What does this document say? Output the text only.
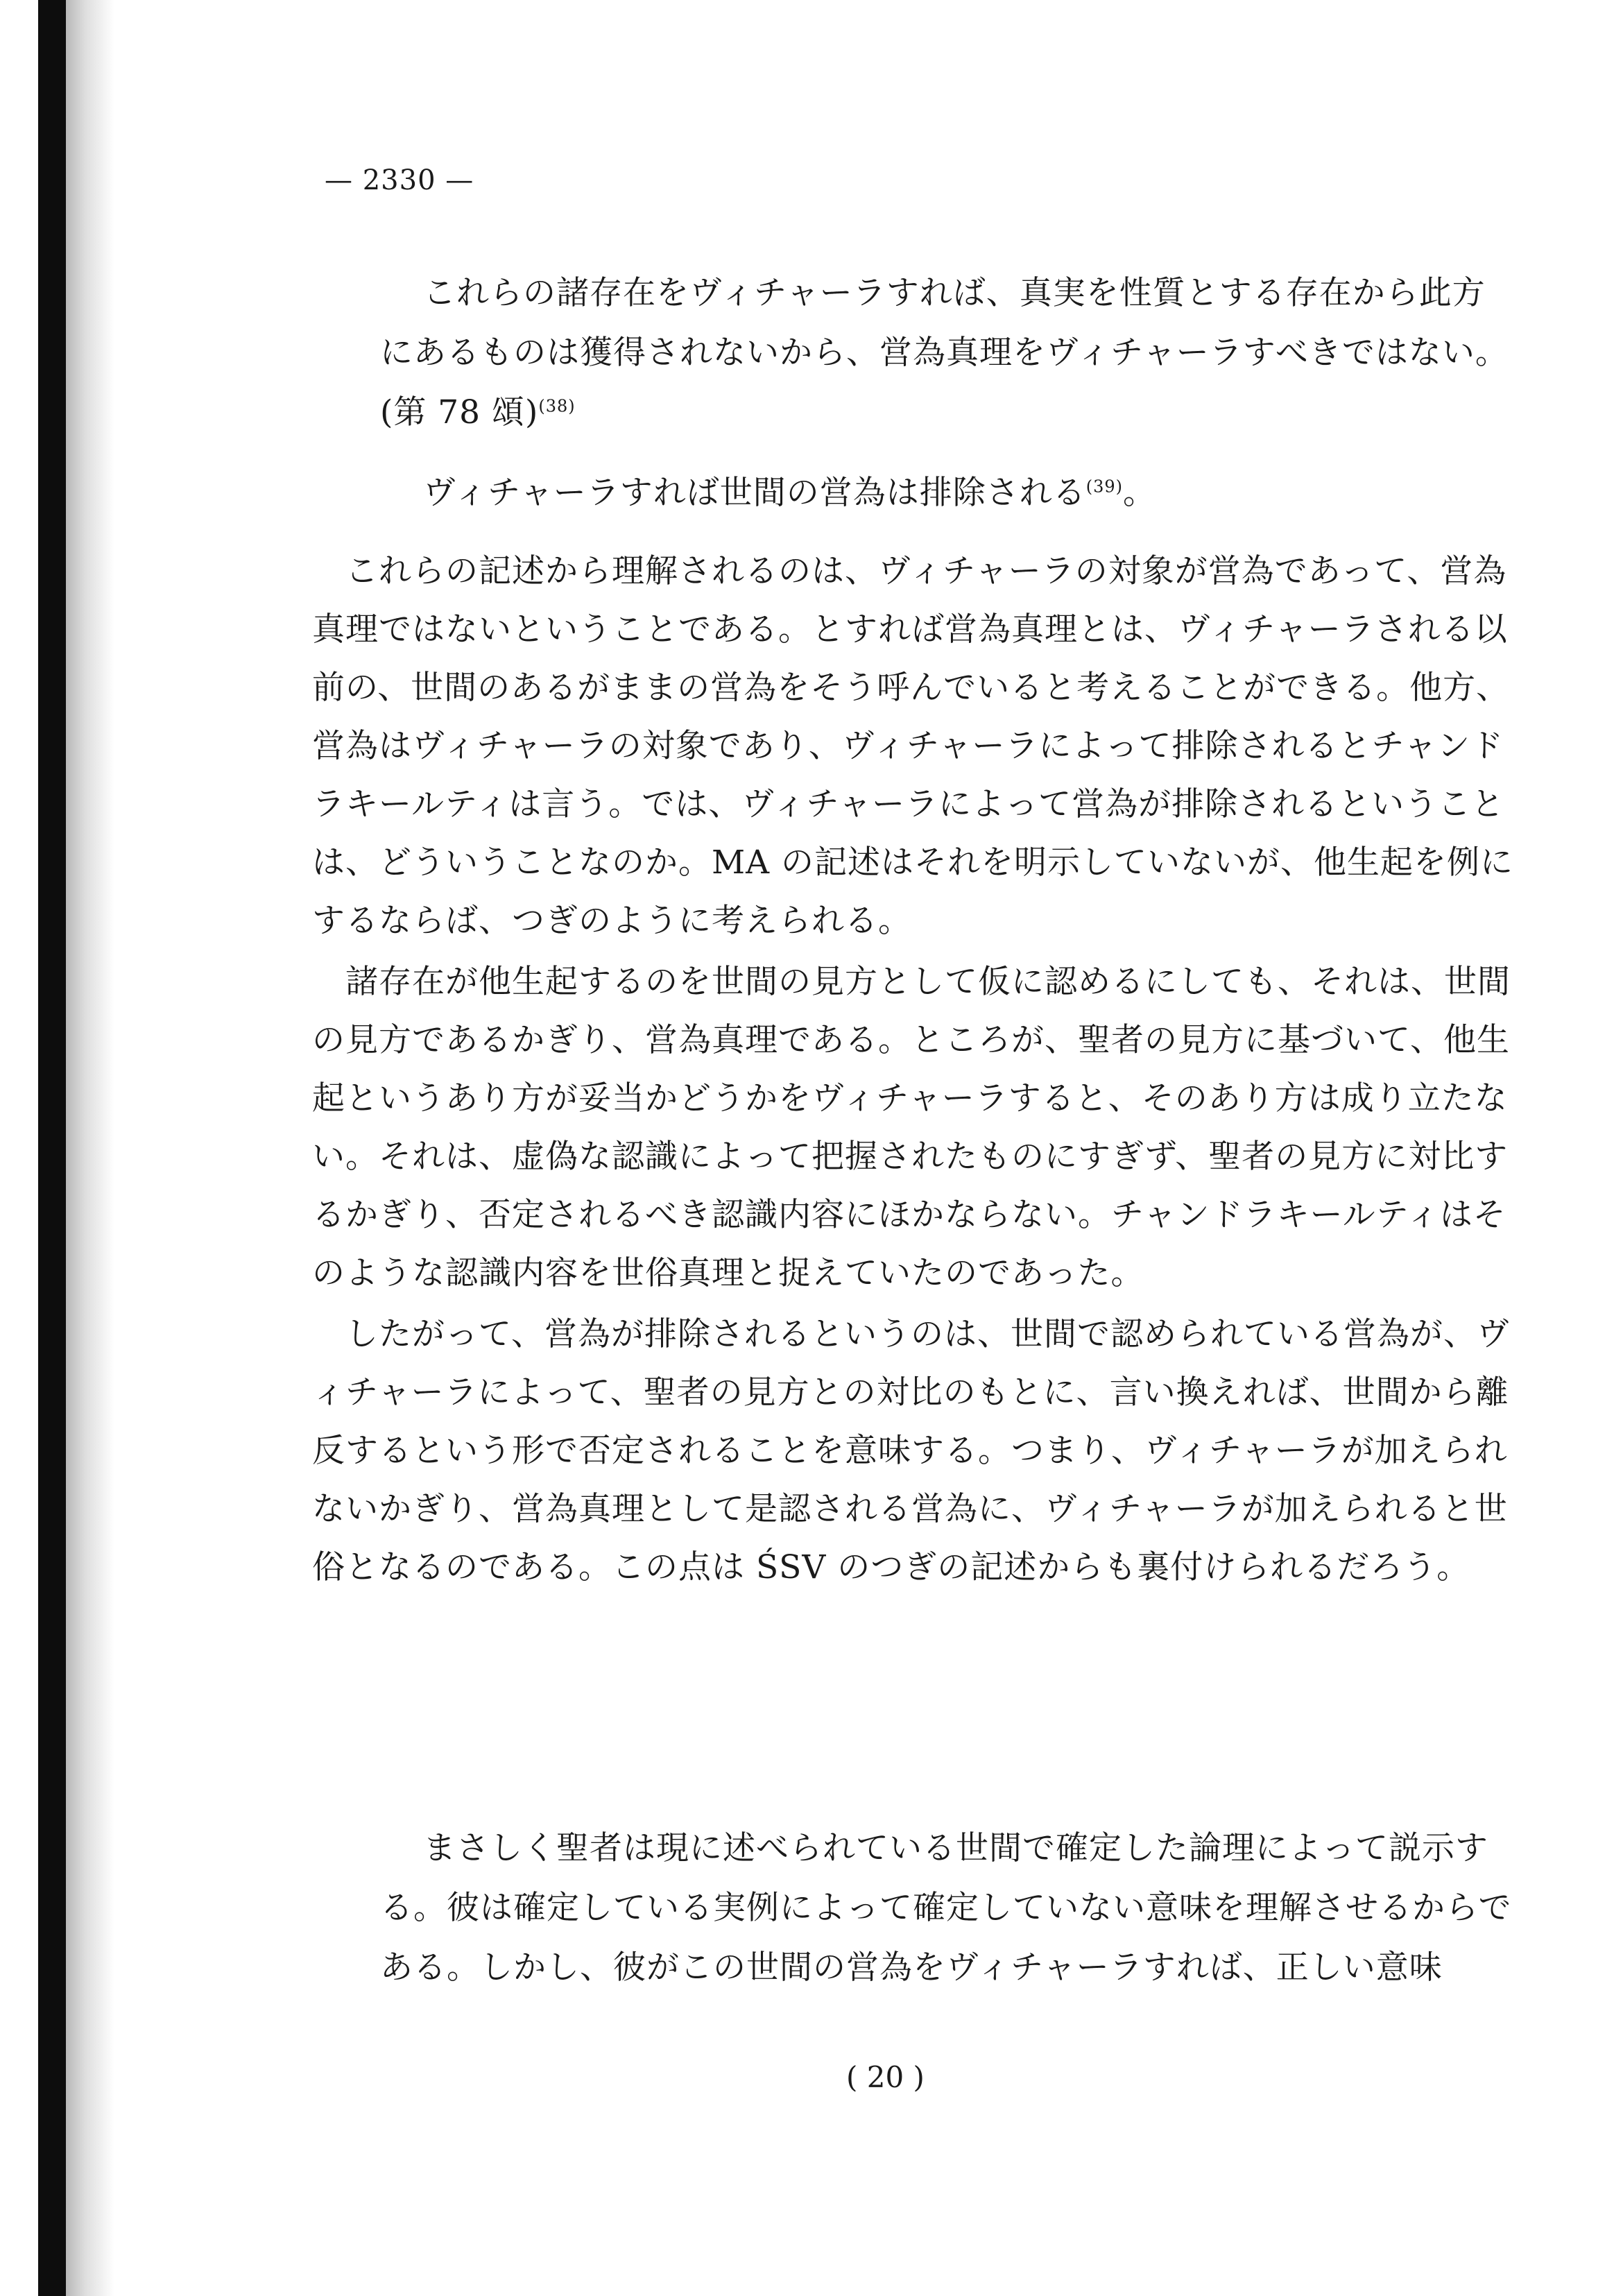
— 2330 —

これらの諸存在をヴィチャーラすれば、真実を性質とする存在から此方にあるものは獲得されないから、営為真理をヴィチャーラすべきではない。(第 78 頌)$^{(38)}$

ヴィチャーラすれば世間の営為は排除される$^{(39)}$。

これらの記述から理解されるのは、ヴィチャーラの対象が営為であって、営為真理ではないということである。とすれば営為真理とは、ヴィチャーラされる以前の、世間のあるがままの営為をそう呼んでいると考えることができる。他方、営為はヴィチャーラの対象であり、ヴィチャーラによって排除されるとチャンドラキールティは言う。では、ヴィチャーラによって営為が排除されるということは、どういうことなのか。MA の記述はそれを明示していないが、他生起を例にするならば、つぎのように考えられる。

諸存在が他生起するのを世間の見方として仮に認めるにしても、それは、世間の見方であるかぎり、営為真理である。ところが、聖者の見方に基づいて、他生起というあり方が妥当かどうかをヴィチャーラすると、そのあり方は成り立たない。それは、虚偽な認識によって把握されたものにすぎず、聖者の見方に対比するかぎり、否定されるべき認識内容にほかならない。チャンドラキールティはそのような認識内容を世俗真理と捉えていたのであった。

したがって、営為が排除されるというのは、世間で認められている営為が、ヴィチャーラによって、聖者の見方との対比のもとに、言い換えれば、世間から離反するという形で否定されることを意味する。つまり、ヴィチャーラが加えられないかぎり、営為真理として是認される営為に、ヴィチャーラが加えられると世俗となるのである。この点は ŚSV のつぎの記述からも裏付けられるだろう。

まさしく聖者は現に述べられている世間で確定した論理によって説示する。彼は確定している実例によって確定していない意味を理解させるからである。しかし、彼がこの世間の営為をヴィチャーラすれば、正しい意味

( 20 )
